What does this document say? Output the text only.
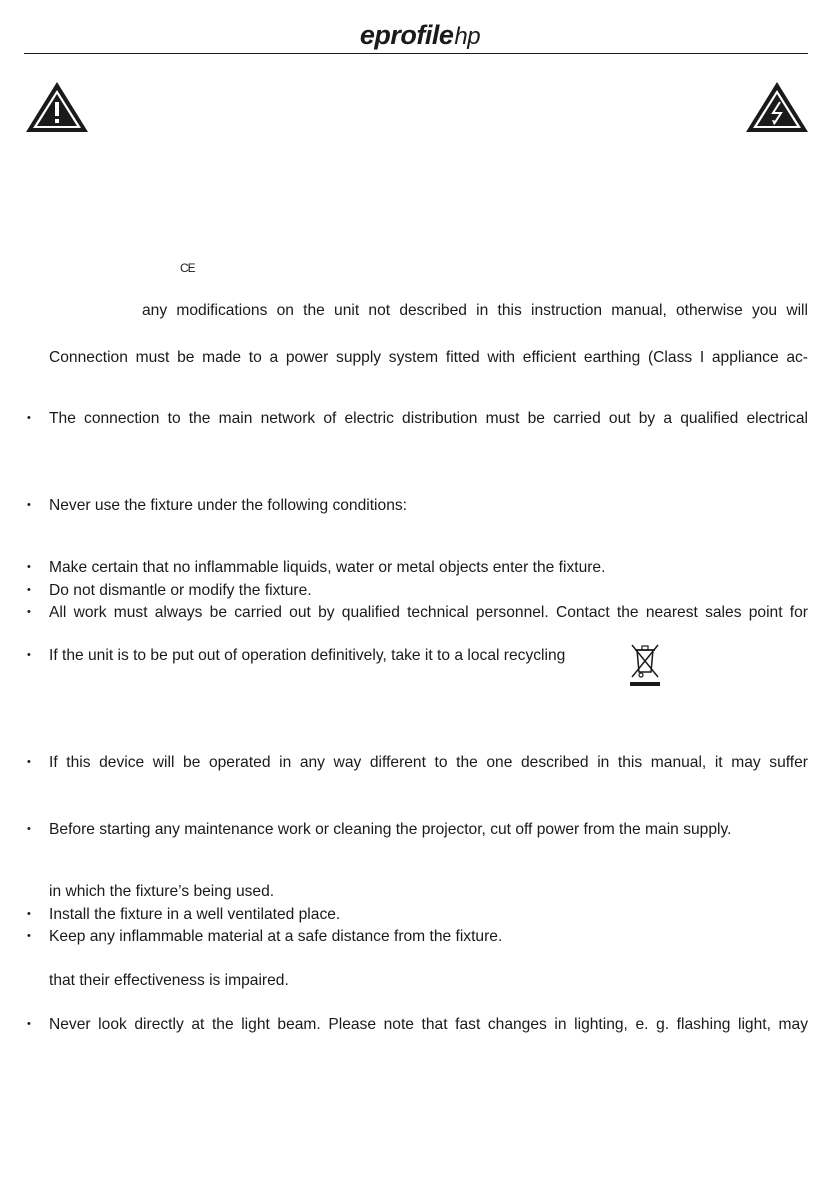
eprofilehp
CE
any modifications on the unit not described in this instruction manual, otherwise you will
Connection must be made to a power supply system fitted with efficient earthing (Class I appliance ac-
• The connection to the main network of electric distribution must be carried out by a qualified electrical
• Never use the fixture under the following conditions:
• Make certain that no inflammable liquids, water or metal objects enter the fixture.
• Do not dismantle or modify the fixture.
• All work must always be carried out by qualified technical personnel. Contact the nearest sales point for
• If the unit is to be put out of operation definitively, take it to a local recycling
• If this device will be operated in any way different to the one described in this manual, it may suffer
• Before starting any maintenance work or cleaning the projector, cut off power from the main supply.
in which the fixture’s being used.
• Install the fixture in a well ventilated place.
• Keep any inflammable material at a safe distance from the fixture.
that their effectiveness is impaired.
• Never look directly at the light beam. Please note that fast changes in lighting, e. g. flashing light, may
